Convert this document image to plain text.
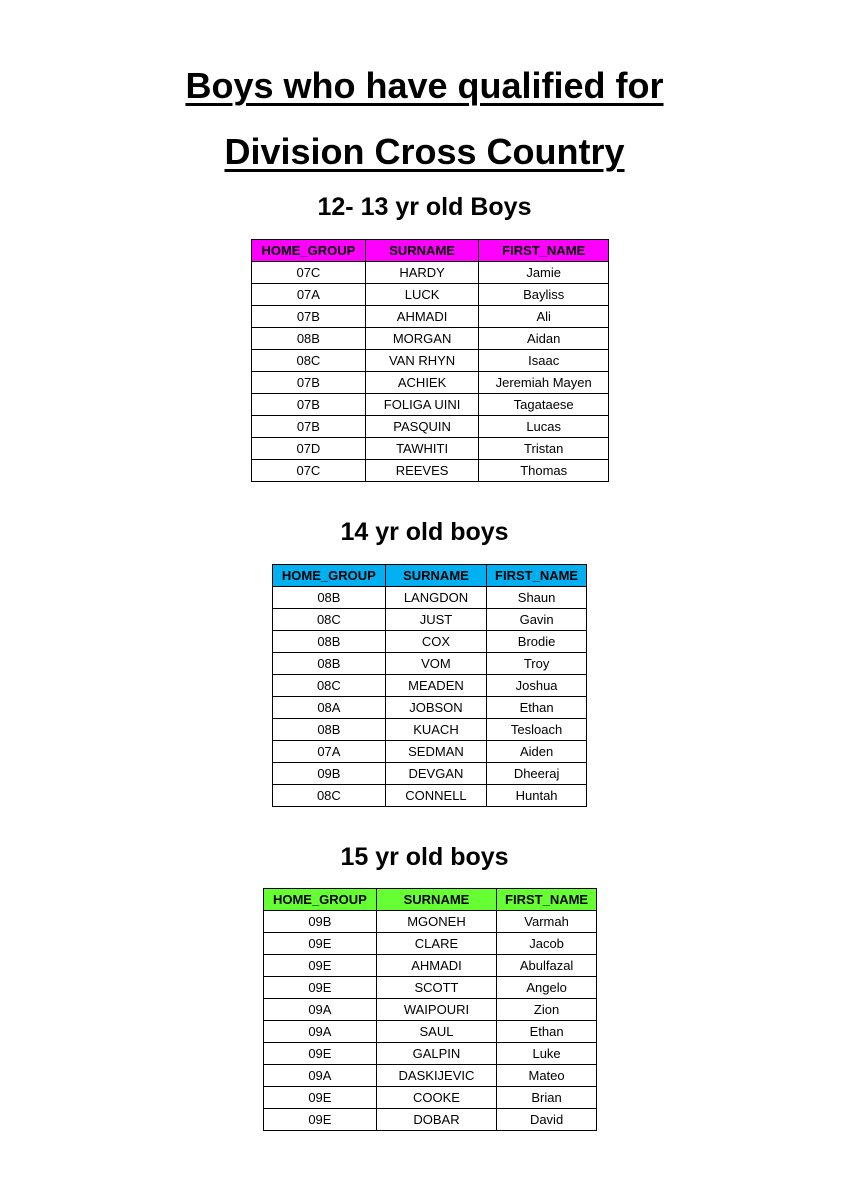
Boys who have qualified for
Division Cross Country
12- 13 yr old Boys
HOME_GROUP	SURNAME	FIRST_NAME
07C	HARDY	Jamie
07A	LUCK	Bayliss
07B	AHMADI	Ali
08B	MORGAN	Aidan
08C	VAN RHYN	Isaac
07B	ACHIEK	Jeremiah Mayen
07B	FOLIGA UINI	Tagataese
07B	PASQUIN	Lucas
07D	TAWHITI	Tristan
07C	REEVES	Thomas
14 yr old boys
HOME_GROUP	SURNAME	FIRST_NAME
08B	LANGDON	Shaun
08C	JUST	Gavin
08B	COX	Brodie
08B	VOM	Troy
08C	MEADEN	Joshua
08A	JOBSON	Ethan
08B	KUACH	Tesloach
07A	SEDMAN	Aiden
09B	DEVGAN	Dheeraj
08C	CONNELL	Huntah
15 yr old boys
HOME_GROUP	SURNAME	FIRST_NAME
09B	MGONEH	Varmah
09E	CLARE	Jacob
09E	AHMADI	Abulfazal
09E	SCOTT	Angelo
09A	WAIPOURI	Zion
09A	SAUL	Ethan
09E	GALPIN	Luke
09A	DASKIJEVIC	Mateo
09E	COOKE	Brian
09E	DOBAR	David
